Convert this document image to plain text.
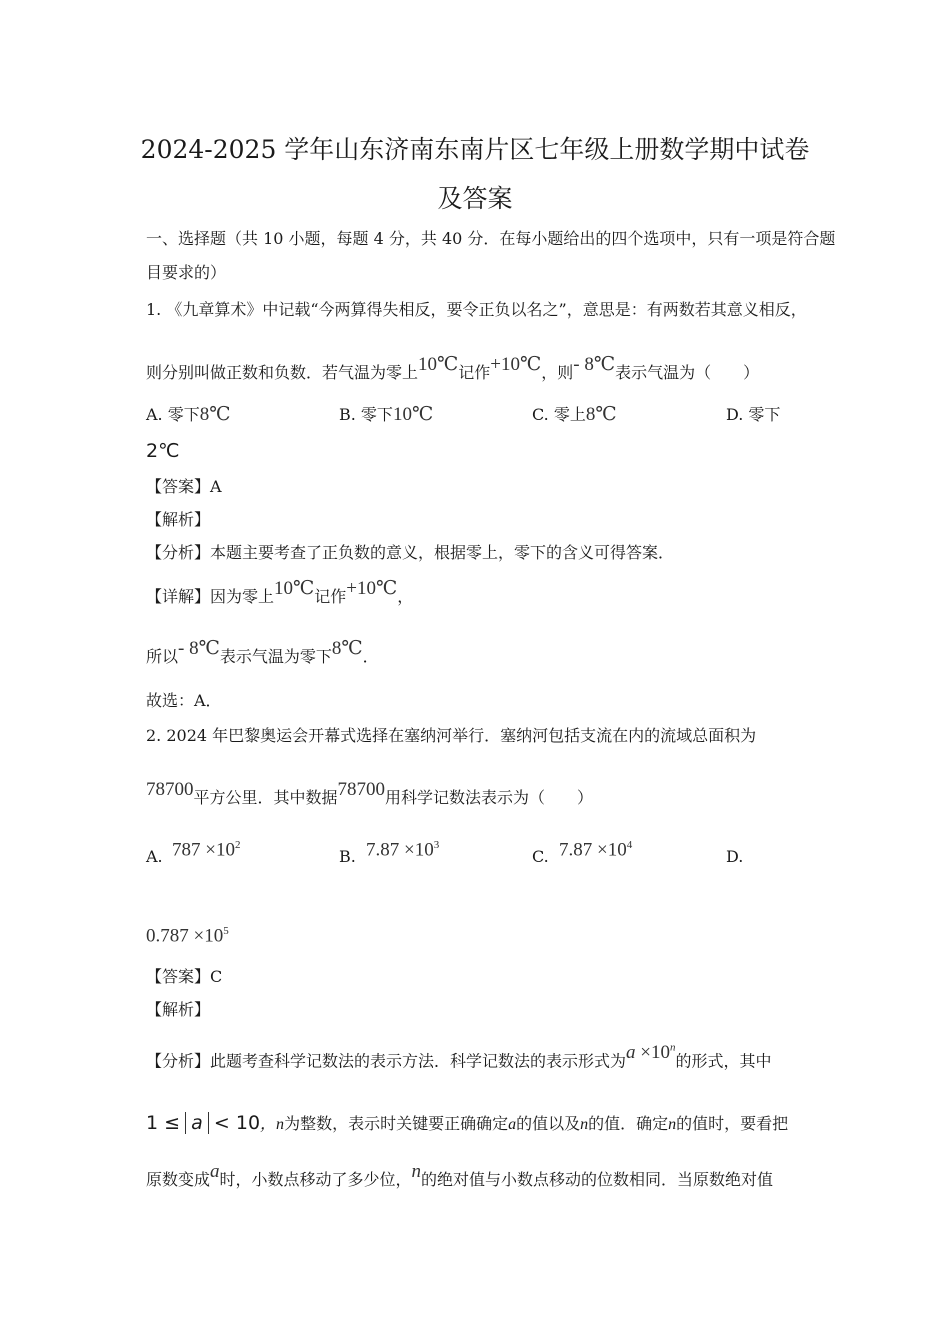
2024-2025 学年山东济南东南片区七年级上册数学期中试卷
及答案
一、选择题（共 10 小题，每题 4 分，共 40 分．在每小题给出的四个选项中，只有一项是符合题
目要求的）
1. 《九章算术》中记载“今两算得失相反，要令正负以名之”，意思是：有两数若其意义相反，
则分别叫做正数和负数．若气温为零上10℃记作+10℃，则- 8℃表示气温为（　　）
A. 零下8℃	B. 零下10℃	C. 零上8℃	D. 零下
2℃
【答案】A
【解析】
【分析】本题主要考查了正负数的意义，根据零上，零下的含义可得答案．
【详解】因为零上10℃记作+10℃，
所以- 8℃表示气温为零下8℃．
故选：A．
2. 2024 年巴黎奥运会开幕式选择在塞纳河举行．塞纳河包括支流在内的流域总面积为
78700平方公里．其中数据78700用科学记数法表示为（　　）
A. $787 \times 10^2$
B. $7.87 \times 10^3$
C. $7.87 \times 10^4$
D.
$0.787 \times 10^5$
【答案】C
【解析】
【分析】此题考查科学记数法的表示方法．科学记数法的表示形式为$a \times 10^n$的形式，其中
1 ≤ a < 10，n为整数，表示时关键要正确确定a的值以及n的值．确定n的值时，要看把
原数变成a时，小数点移动了多少位，n的绝对值与小数点移动的位数相同．当原数绝对值
